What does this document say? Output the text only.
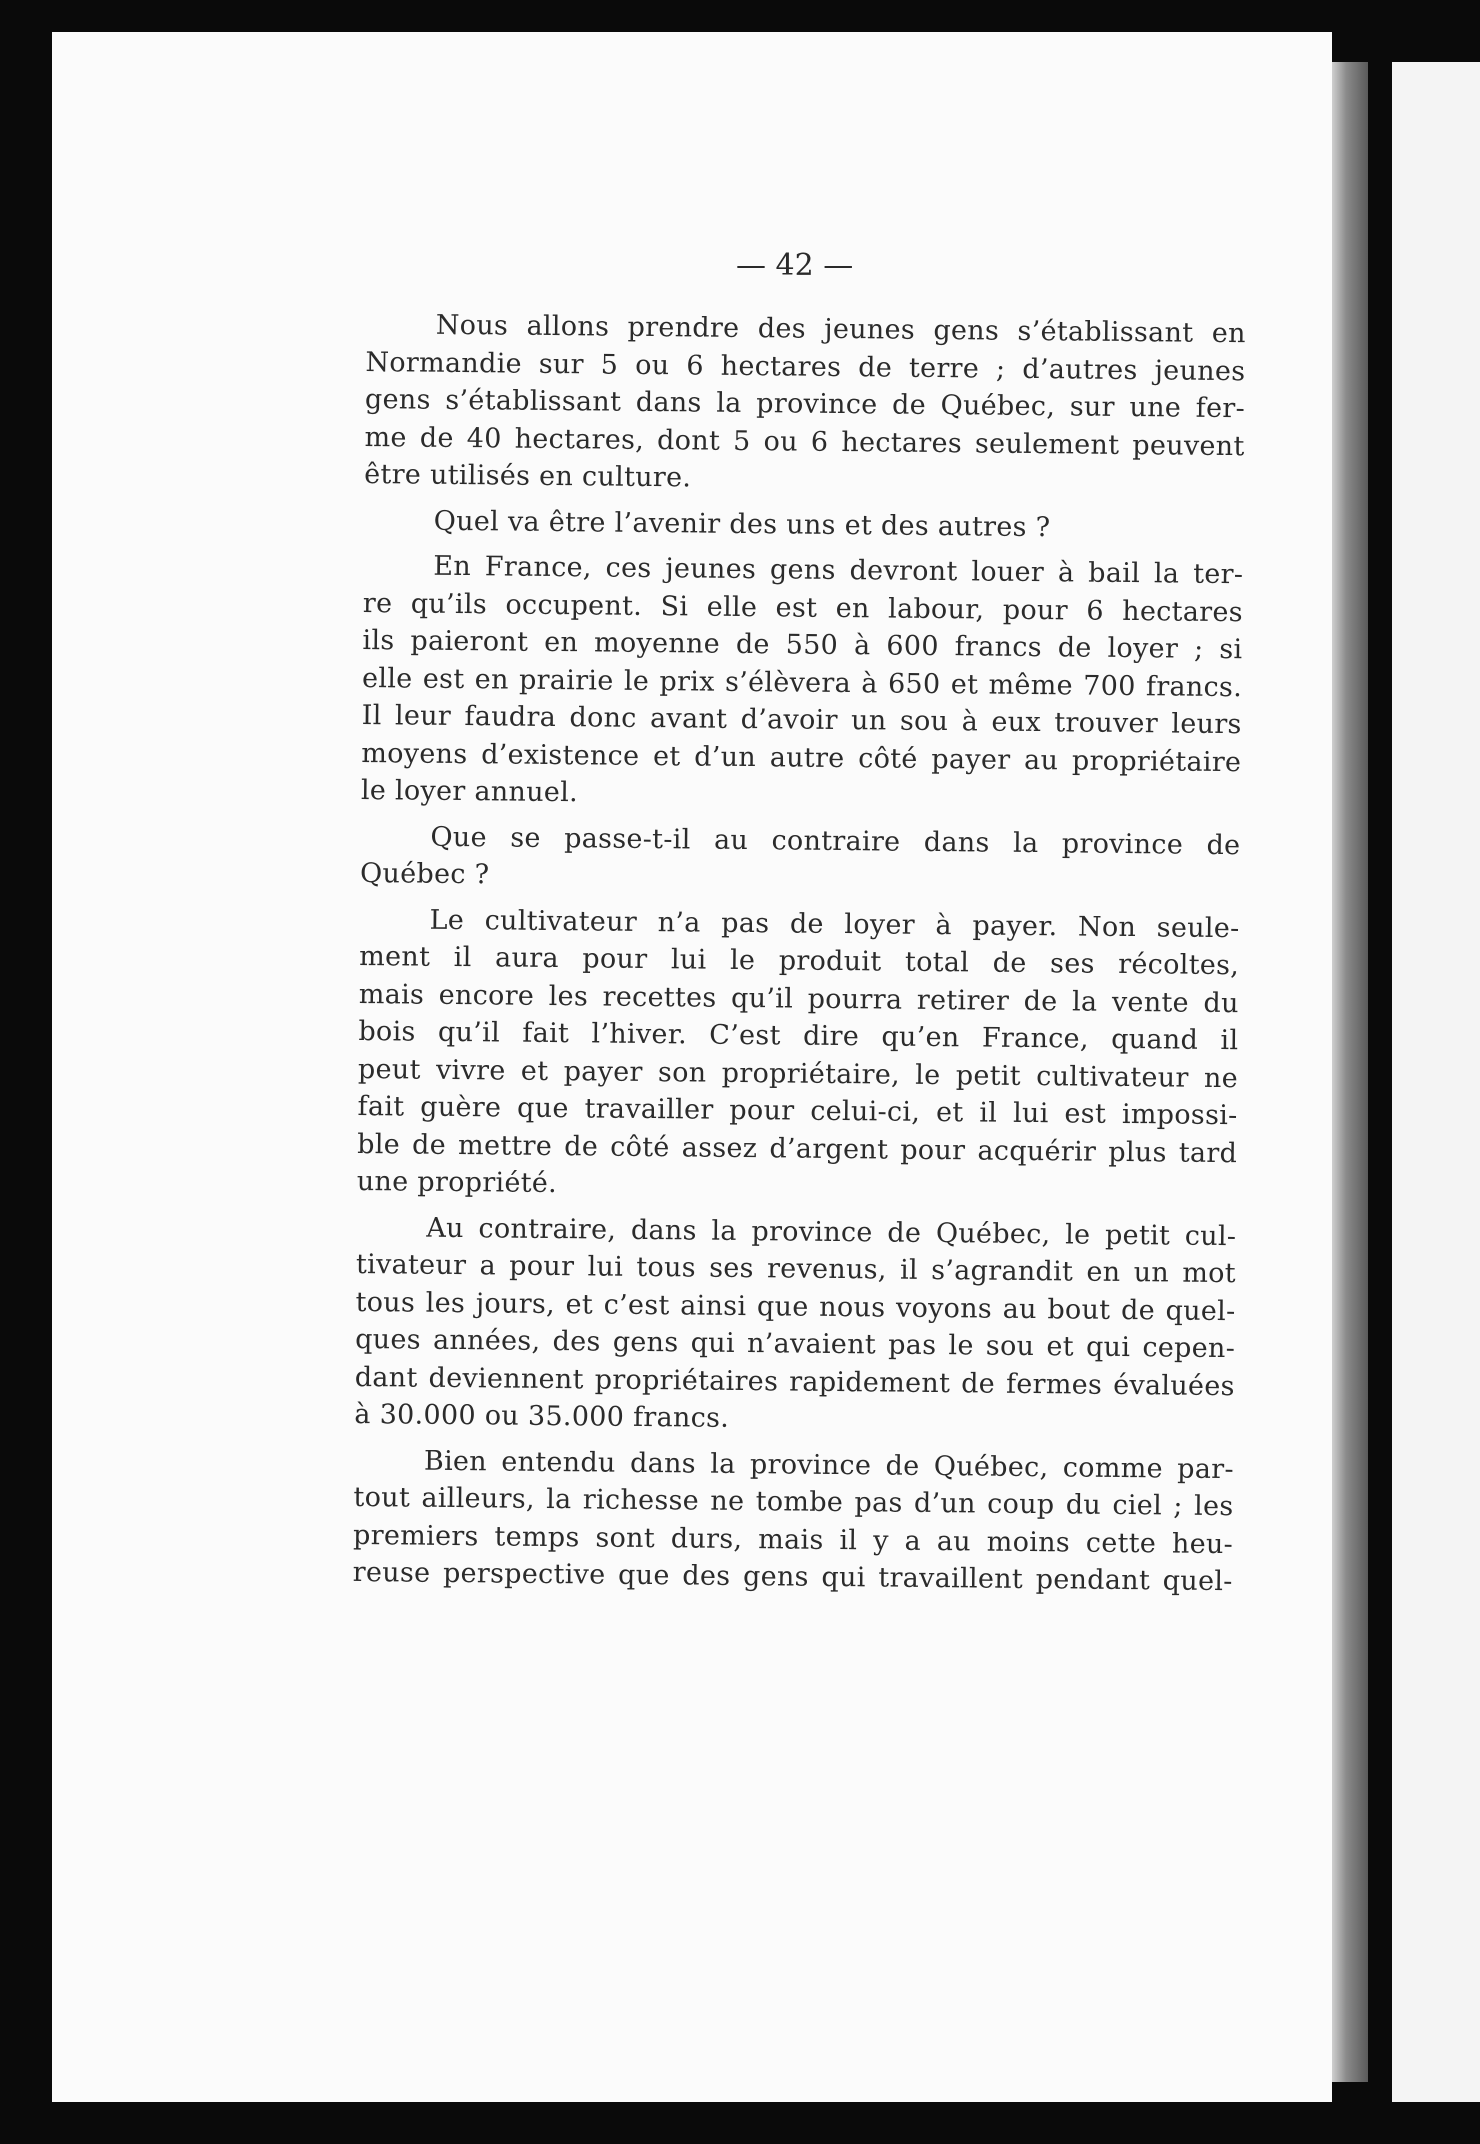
— 42 —
Nous allons prendre des jeunes gens s’établissant en
Normandie sur 5 ou 6 hectares de terre ; d’autres jeunes
gens s’établissant dans la province de Québec, sur une fer-
me de 40 hectares, dont 5 ou 6 hectares seulement peuvent
être utilisés en culture.
Quel va être l’avenir des uns et des autres ?
En France, ces jeunes gens devront louer à bail la ter-
re qu’ils occupent. Si elle est en labour, pour 6 hectares
ils paieront en moyenne de 550 à 600 francs de loyer ; si
elle est en prairie le prix s’élèvera à 650 et même 700 francs.
Il leur faudra donc avant d’avoir un sou à eux trouver leurs
moyens d’existence et d’un autre côté payer au propriétaire
le loyer annuel.
Que se passe-t-il au contraire dans la province de
Québec ?
Le cultivateur n’a pas de loyer à payer. Non seule-
ment il aura pour lui le produit total de ses récoltes,
mais encore les recettes qu’il pourra retirer de la vente du
bois qu’il fait l’hiver. C’est dire qu’en France, quand il
peut vivre et payer son propriétaire, le petit cultivateur ne
fait guère que travailler pour celui-ci, et il lui est impossi-
ble de mettre de côté assez d’argent pour acquérir plus tard
une propriété.
Au contraire, dans la province de Québec, le petit cul-
tivateur a pour lui tous ses revenus, il s’agrandit en un mot
tous les jours, et c’est ainsi que nous voyons au bout de quel-
ques années, des gens qui n’avaient pas le sou et qui cepen-
dant deviennent propriétaires rapidement de fermes évaluées
à 30.000 ou 35.000 francs.
Bien entendu dans la province de Québec, comme par-
tout ailleurs, la richesse ne tombe pas d’un coup du ciel ; les
premiers temps sont durs, mais il y a au moins cette heu-
reuse perspective que des gens qui travaillent pendant quel-
